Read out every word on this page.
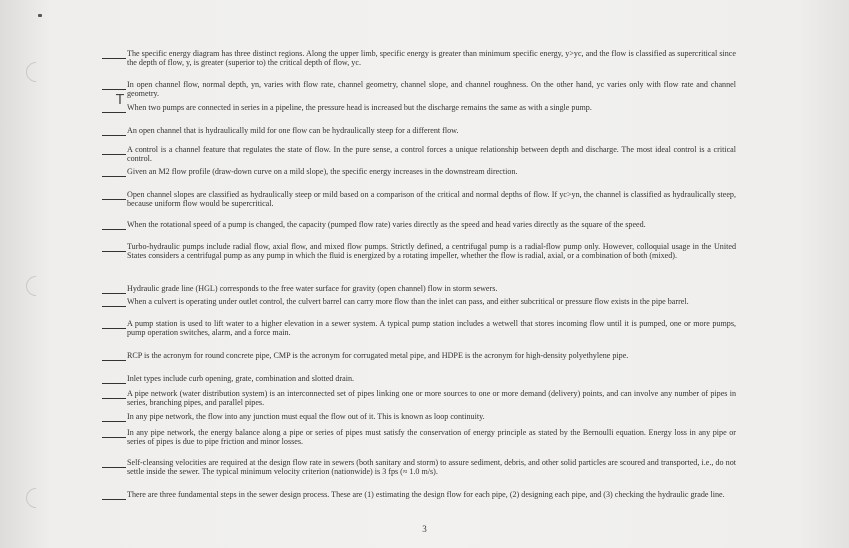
The specific energy diagram has three distinct regions. Along the upper limb, specific energy is greater than minimum specific energy, y>yc, and the flow is classified as supercritical since the depth of flow, y, is greater (superior to) the critical depth of flow, yc.
In open channel flow, normal depth, yn, varies with flow rate, channel geometry, channel slope, and channel roughness. On the other hand, yc varies only with flow rate and channel geometry.
T When two pumps are connected in series in a pipeline, the pressure head is increased but the discharge remains the same as with a single pump.
An open channel that is hydraulically mild for one flow can be hydraulically steep for a different flow.
A control is a channel feature that regulates the state of flow. In the pure sense, a control forces a unique relationship between depth and discharge. The most ideal control is a critical control.
Given an M2 flow profile (draw-down curve on a mild slope), the specific energy increases in the downstream direction.
Open channel slopes are classified as hydraulically steep or mild based on a comparison of the critical and normal depths of flow. If yc>yn, the channel is classified as hydraulically steep, because uniform flow would be supercritical.
When the rotational speed of a pump is changed, the capacity (pumped flow rate) varies directly as the speed and head varies directly as the square of the speed.
Turbo-hydraulic pumps include radial flow, axial flow, and mixed flow pumps. Strictly defined, a centrifugal pump is a radial-flow pump only. However, colloquial usage in the United States considers a centrifugal pump as any pump in which the fluid is energized by a rotating impeller, whether the flow is radial, axial, or a combination of both (mixed).
Hydraulic grade line (HGL) corresponds to the free water surface for gravity (open channel) flow in storm sewers.
When a culvert is operating under outlet control, the culvert barrel can carry more flow than the inlet can pass, and either subcritical or pressure flow exists in the pipe barrel.
A pump station is used to lift water to a higher elevation in a sewer system. A typical pump station includes a wetwell that stores incoming flow until it is pumped, one or more pumps, pump operation switches, alarm, and a force main.
RCP is the acronym for round concrete pipe, CMP is the acronym for corrugated metal pipe, and HDPE is the acronym for high-density polyethylene pipe.
Inlet types include curb opening, grate, combination and slotted drain.
A pipe network (water distribution system) is an interconnected set of pipes linking one or more sources to one or more demand (delivery) points, and can involve any number of pipes in series, branching pipes, and parallel pipes.
In any pipe network, the flow into any junction must equal the flow out of it. This is known as loop continuity.
In any pipe network, the energy balance along a pipe or series of pipes must satisfy the conservation of energy principle as stated by the Bernoulli equation. Energy loss in any pipe or series of pipes is due to pipe friction and minor losses.
Self-cleansing velocities are required at the design flow rate in sewers (both sanitary and storm) to assure sediment, debris, and other solid particles are scoured and transported, i.e., do not settle inside the sewer. The typical minimum velocity criterion (nationwide) is 3 fps (≈ 1.0 m/s).
There are three fundamental steps in the sewer design process. These are (1) estimating the design flow for each pipe, (2) designing each pipe, and (3) checking the hydraulic grade line.
3
